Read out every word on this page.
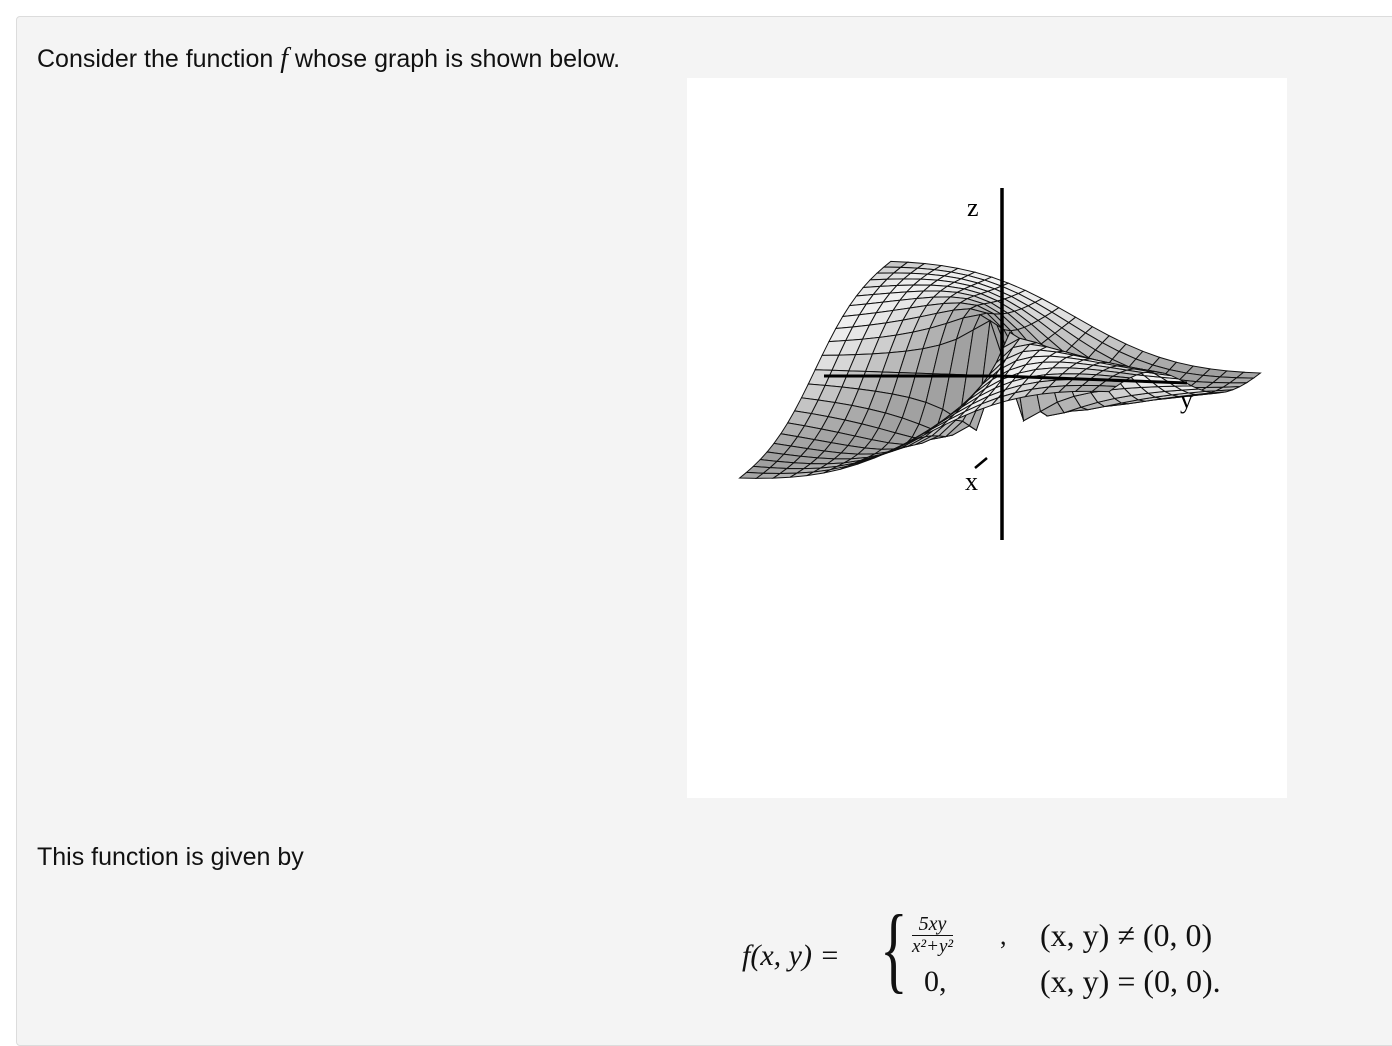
Consider the function f whose graph is shown below.
z
x
y
This function is given by
f(x, y) = { $\frac{5xy}{\text{x²+y²}}$ , (x, y) ≠ (0, 0)
0,	(x, y) = (0, 0).
